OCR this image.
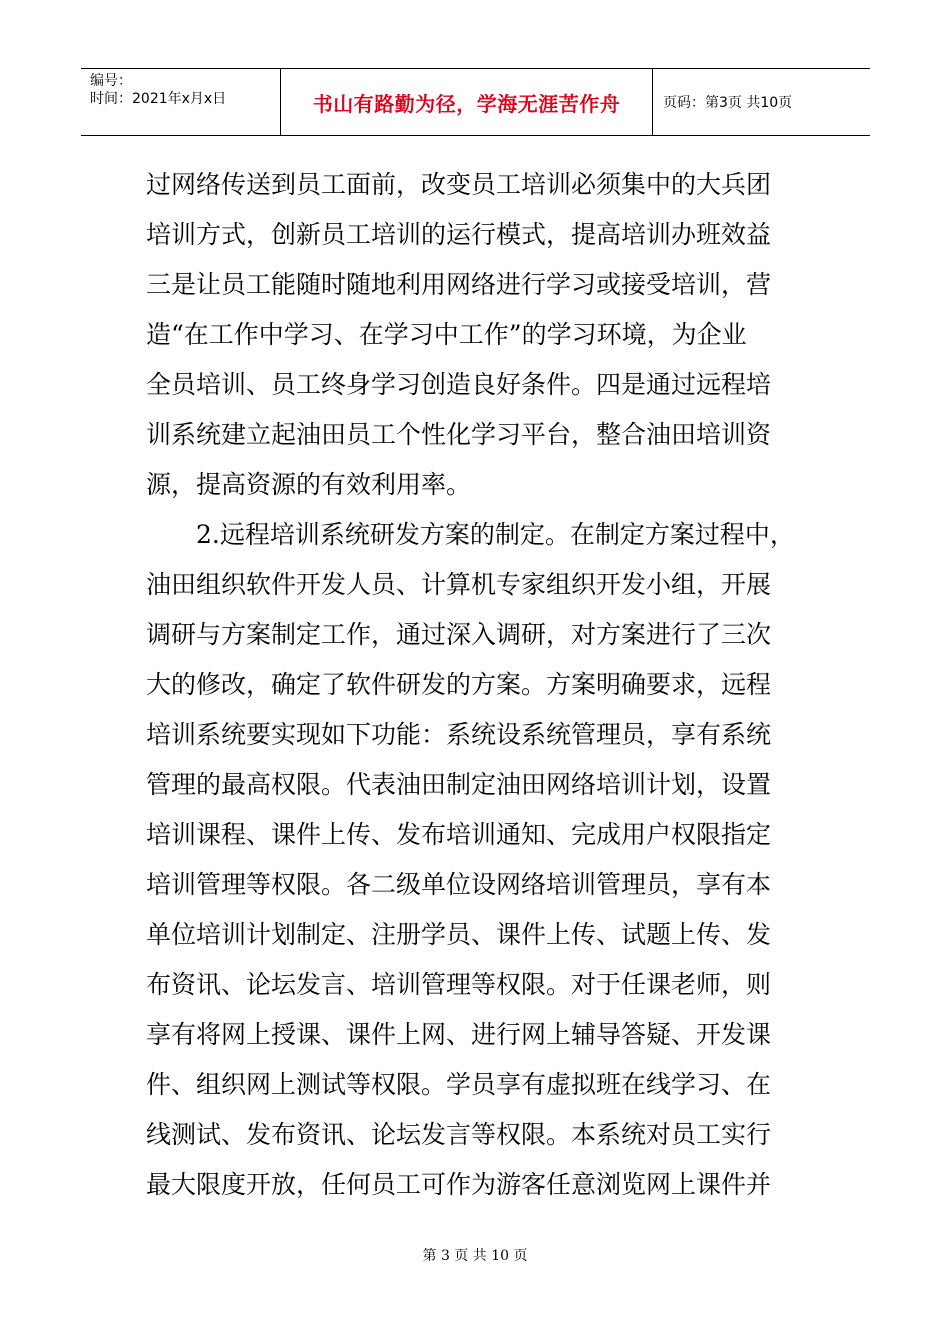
编号：
时间：2021年x月x日	书山有路勤为径，学海无涯苦作舟	页码：第3页 共10页
过网络传送到员工面前，改变员工培训必须集中的大兵团
培训方式，创新员工培训的运行模式，提高培训办班效益
三是让员工能随时随地利用网络进行学习或接受培训，营
造“在工作中学习、在学习中工作”的学习环境，为企业
全员培训、员工终身学习创造良好条件。四是通过远程培
训系统建立起油田员工个性化学习平台，整合油田培训资
源，提高资源的有效利用率。
2.远程培训系统研发方案的制定。在制定方案过程中，
油田组织软件开发人员、计算机专家组织开发小组，开展
调研与方案制定工作，通过深入调研，对方案进行了三次
大的修改，确定了软件研发的方案。方案明确要求，远程
培训系统要实现如下功能：系统设系统管理员，享有系统
管理的最高权限。代表油田制定油田网络培训计划，设置
培训课程、课件上传、发布培训通知、完成用户权限指定
培训管理等权限。各二级单位设网络培训管理员，享有本
单位培训计划制定、注册学员、课件上传、试题上传、发
布资讯、论坛发言、培训管理等权限。对于任课老师，则
享有将网上授课、课件上网、进行网上辅导答疑、开发课
件、组织网上测试等权限。学员享有虚拟班在线学习、在
线测试、发布资讯、论坛发言等权限。本系统对员工实行
最大限度开放，任何员工可作为游客任意浏览网上课件并
第 3 页 共 10 页
